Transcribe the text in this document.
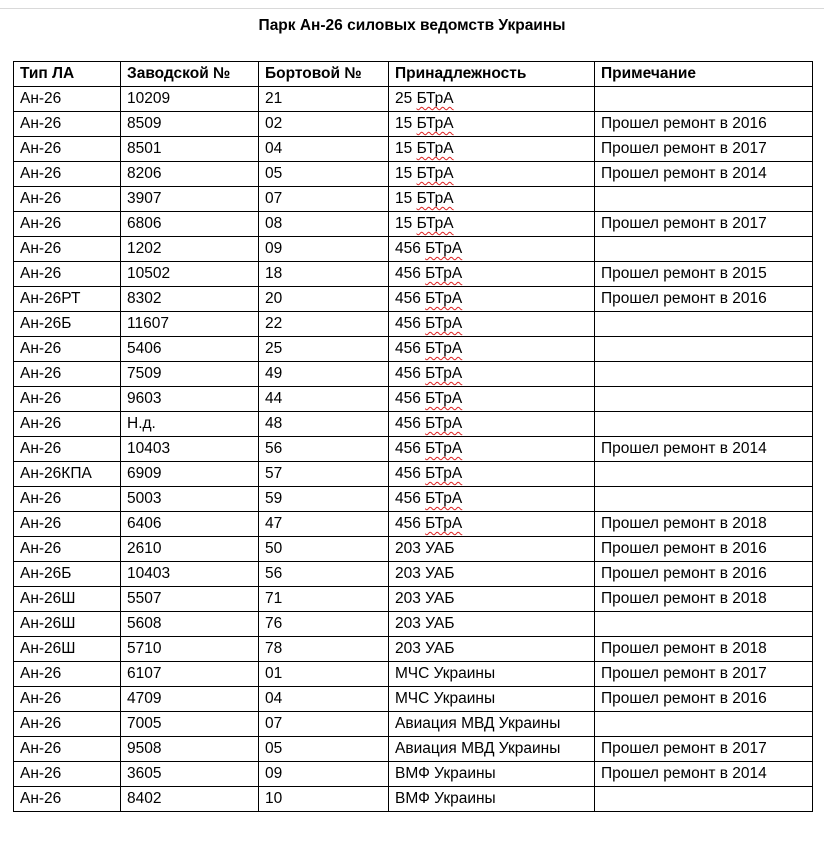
Парк Ан-26 силовых ведомств Украины
Тип ЛА	Заводской №	Бортовой №	Принадлежность	Примечание
Ан-26	10209	21	25 БТрА	
Ан-26	8509	02	15 БТрА	Прошел ремонт в 2016
Ан-26	8501	04	15 БТрА	Прошел ремонт в 2017
Ан-26	8206	05	15 БТрА	Прошел ремонт в 2014
Ан-26	3907	07	15 БТрА	
Ан-26	6806	08	15 БТрА	Прошел ремонт в 2017
Ан-26	1202	09	456 БТрА	
Ан-26	10502	18	456 БТрА	Прошел ремонт в 2015
Ан-26РТ	8302	20	456 БТрА	Прошел ремонт в 2016
Ан-26Б	11607	22	456 БТрА	
Ан-26	5406	25	456 БТрА	
Ан-26	7509	49	456 БТрА	
Ан-26	9603	44	456 БТрА	
Ан-26	Н.д.	48	456 БТрА	
Ан-26	10403	56	456 БТрА	Прошел ремонт в 2014
Ан-26КПА	6909	57	456 БТрА	
Ан-26	5003	59	456 БТрА	
Ан-26	6406	47	456 БТрА	Прошел ремонт в 2018
Ан-26	2610	50	203 УАБ	Прошел ремонт в 2016
Ан-26Б	10403	56	203 УАБ	Прошел ремонт в 2016
Ан-26Ш	5507	71	203 УАБ	Прошел ремонт в 2018
Ан-26Ш	5608	76	203 УАБ	
Ан-26Ш	5710	78	203 УАБ	Прошел ремонт в 2018
Ан-26	6107	01	МЧС Украины	Прошел ремонт в 2017
Ан-26	4709	04	МЧС Украины	Прошел ремонт в 2016
Ан-26	7005	07	Авиация МВД Украины	
Ан-26	9508	05	Авиация МВД Украины	Прошел ремонт в 2017
Ан-26	3605	09	ВМФ Украины	Прошел ремонт в 2014
Ан-26	8402	10	ВМФ Украины	
